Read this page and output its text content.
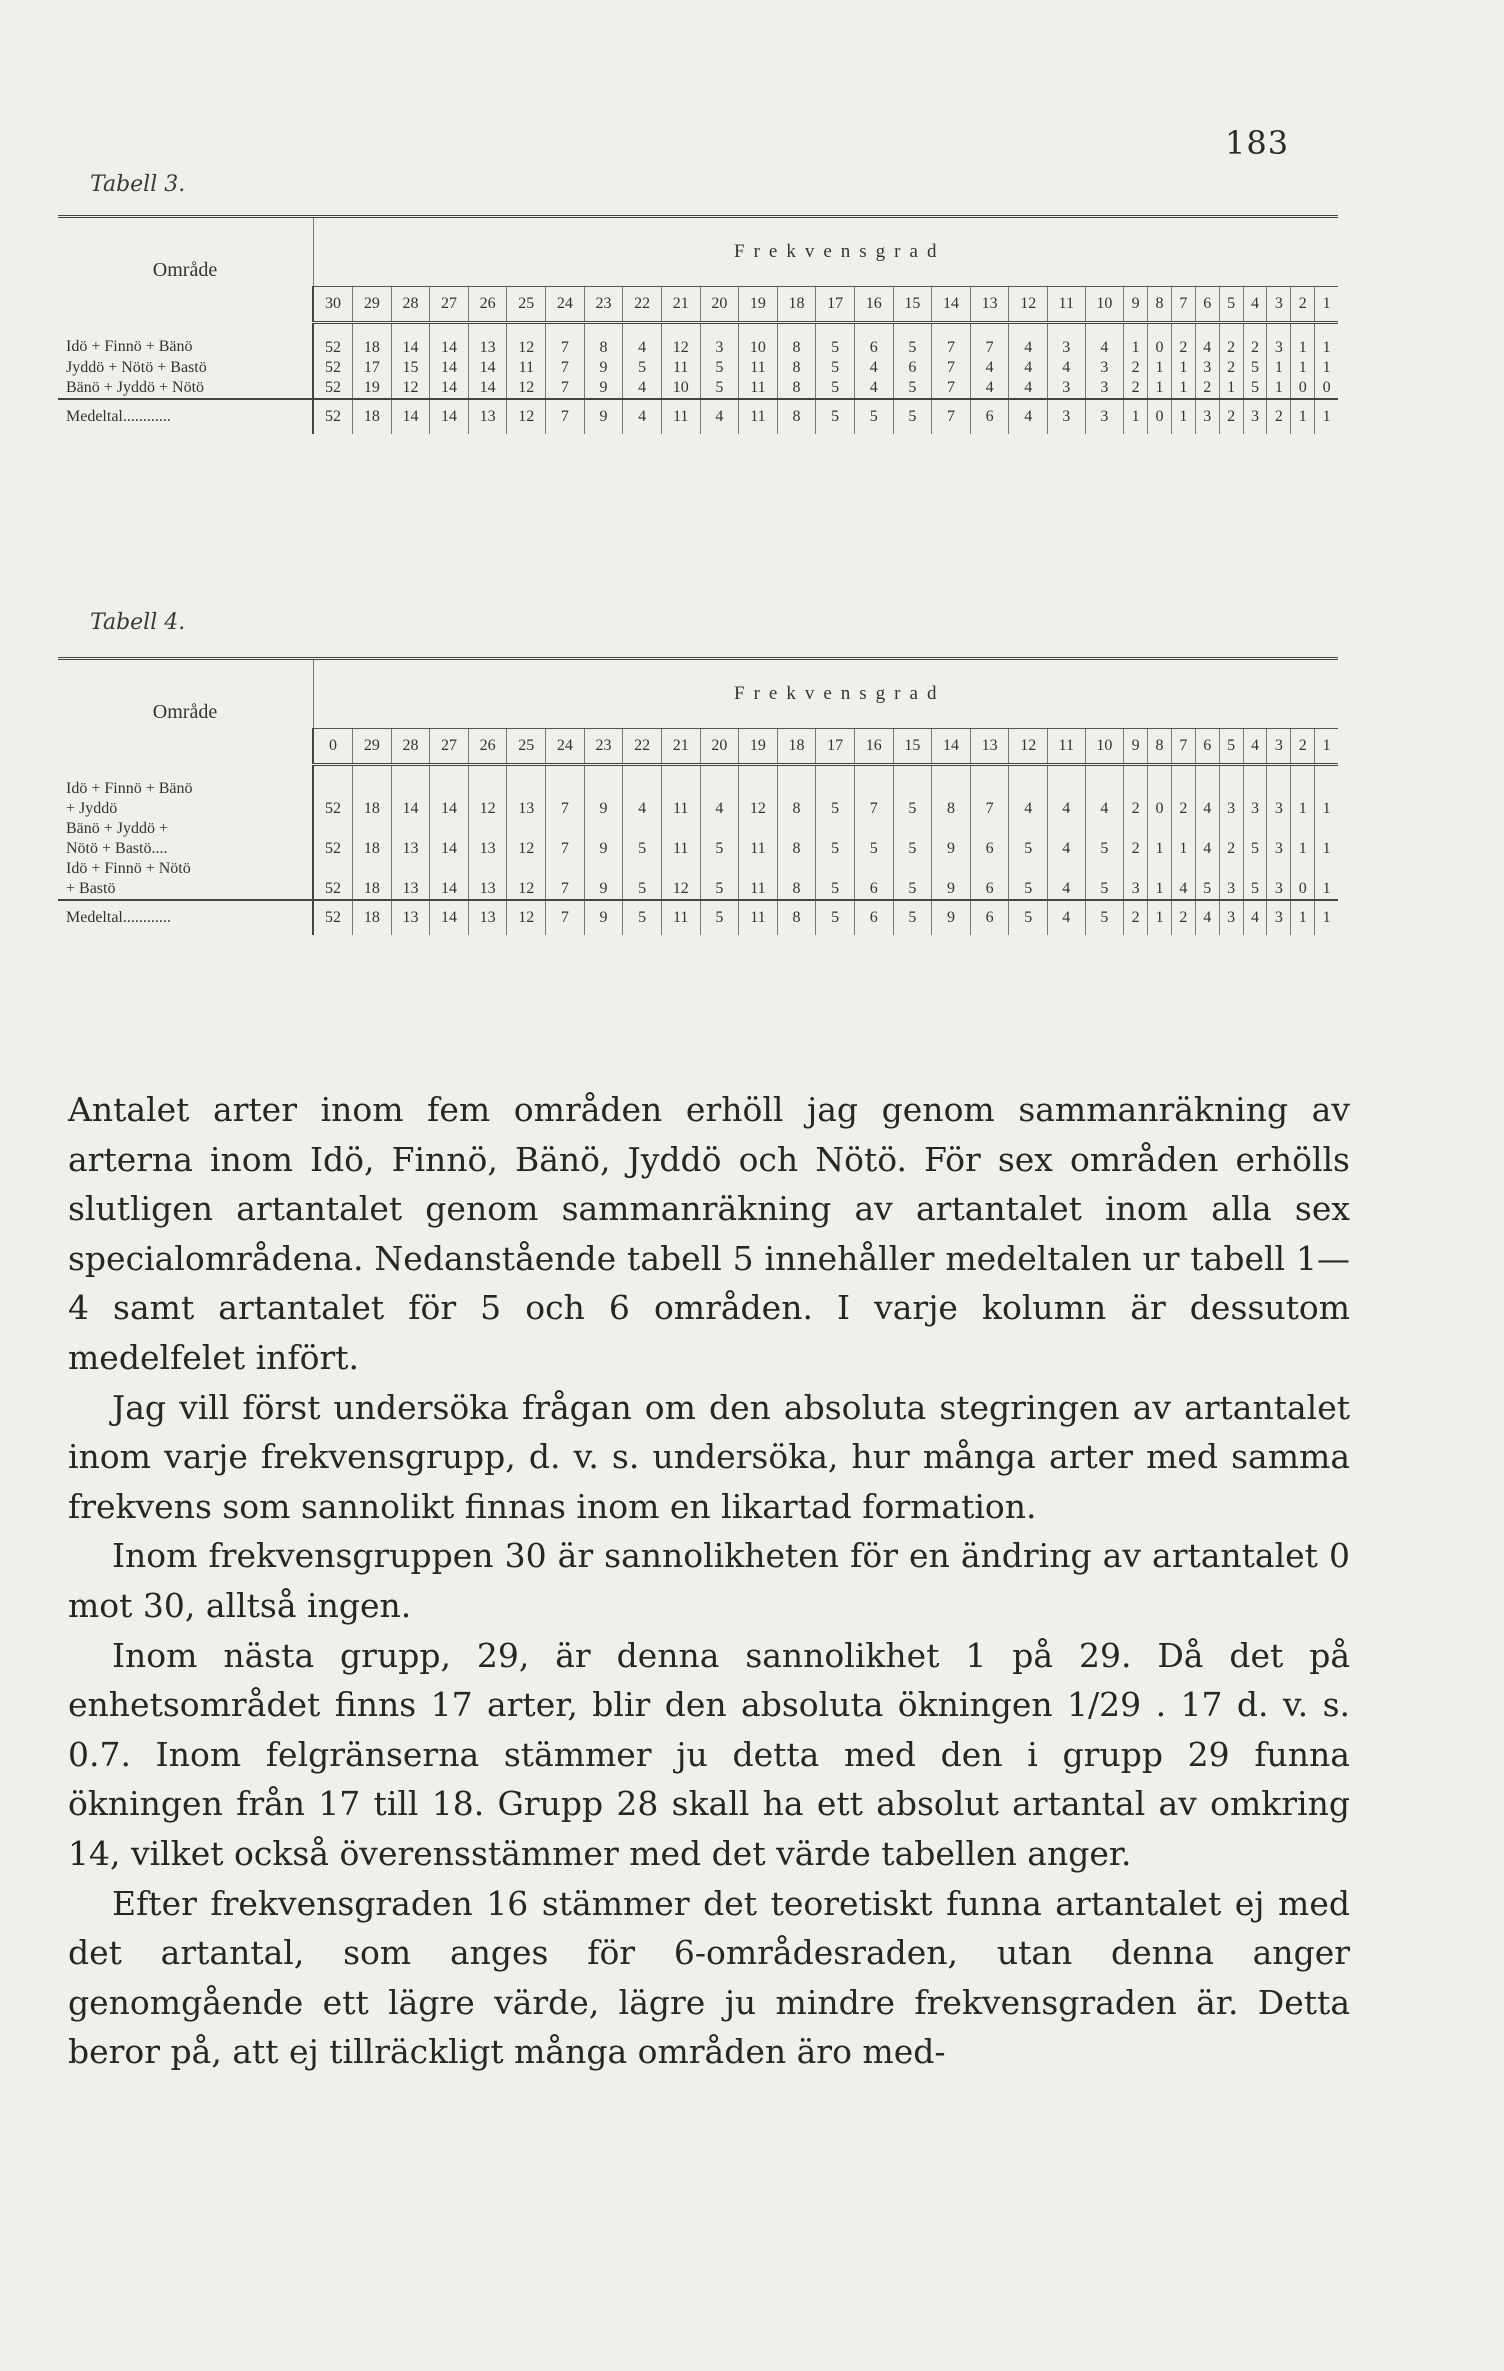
183
Tabell 3.
Område	Frekvensgrad																													
	30	29	28	27	26	25	24	23	22	21	20	19	18	17	16	15	14	13	12	11	10	9	8	7	6	5	4	3	2	1
Idö + Finnö + Bänö	52	18	14	14	13	12	7	8	4	12	3	10	8	5	6	5	7	7	4	3	4	1	0	2	4	2	2	3	1	1
Jyddö + Nötö + Bastö	52	17	15	14	14	11	7	9	5	11	5	11	8	5	4	6	7	4	4	4	3	2	1	1	3	2	5	1	1	1
Bänö + Jyddö + Nötö	52	19	12	14	14	12	7	9	4	10	5	11	8	5	4	5	7	4	4	3	3	2	1	1	2	1	5	1	0	0
Medeltal............	52	18	14	14	13	12	7	9	4	11	4	11	8	5	5	5	7	6	4	3	3	1	0	1	3	2	3	2	1	1
Tabell 4.
Område	Frekvensgrad																													
	0	29	28	27	26	25	24	23	22	21	20	19	18	17	16	15	14	13	12	11	10	9	8	7	6	5	4	3	2	1
Idö + Finnö + Bänö
+ Jyddö	52	18	14	14	12	13	7	9	4	11	4	12	8	5	7	5	8	7	4	4	4	2	0	2	4	3	3	3	1	1
Bänö + Jyddö +
Nötö + Bastö....	52	18	13	14	13	12	7	9	5	11	5	11	8	5	5	5	9	6	5	4	5	2	1	1	4	2	5	3	1	1
Idö + Finnö + Nötö
+ Bastö	52	18	13	14	13	12	7	9	5	12	5	11	8	5	6	5	9	6	5	4	5	3	1	4	5	3	5	3	0	1
Medeltal............	52	18	13	14	13	12	7	9	5	11	5	11	8	5	6	5	9	6	5	4	5	2	1	2	4	3	4	3	1	1

Antalet arter inom fem områden erhöll jag genom sammanräkning av arterna inom Idö, Finnö, Bänö, Jyddö och Nötö. För sex områden erhölls slutligen artantalet genom sammanräkning av artantalet inom alla sex specialområdena. Nedanstående tabell 5 innehåller medeltalen ur tabell 1—4 samt artantalet för 5 och 6 områden. I varje kolumn är dessutom medelfelet infört.

Jag vill först undersöka frågan om den absoluta stegringen av artantalet inom varje frekvensgrupp, d. v. s. undersöka, hur många arter med samma frekvens som sannolikt finnas inom en likartad formation.

Inom frekvensgruppen 30 är sannolikheten för en ändring av artantalet 0 mot 30, alltså ingen.

Inom nästa grupp, 29, är denna sannolikhet 1 på 29. Då det på enhetsområdet finns 17 arter, blir den absoluta ökningen 1/29 . 17 d. v. s. 0.7. Inom felgränserna stämmer ju detta med den i grupp 29 funna ökningen från 17 till 18. Grupp 28 skall ha ett absolut artantal av omkring 14, vilket också överensstämmer med det värde tabellen anger.

Efter frekvensgraden 16 stämmer det teoretiskt funna artantalet ej med det artantal, som anges för 6-områdesraden, utan denna anger genomgående ett lägre värde, lägre ju mindre frekvensgraden är. Detta beror på, att ej tillräckligt många områden äro med-
